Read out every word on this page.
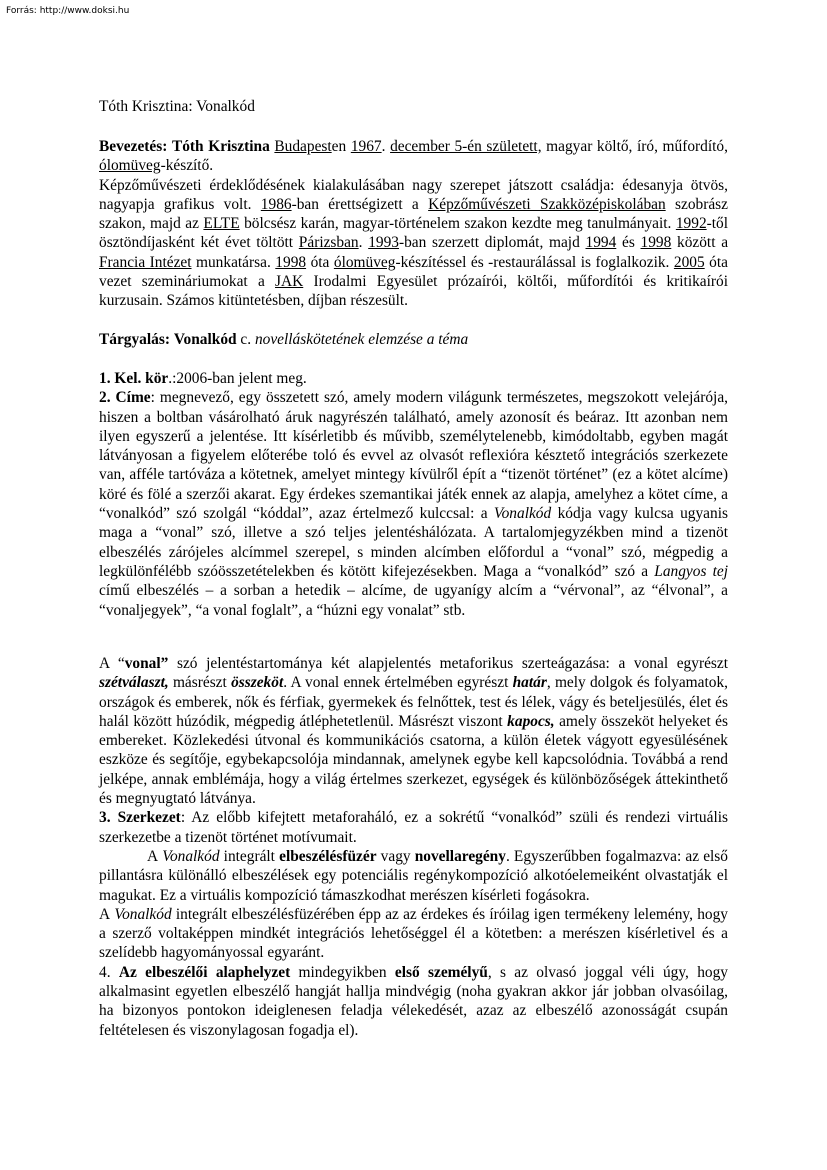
Forrás: http://www.doksi.hu

Tóth Krisztina: Vonalkód

Bevezetés: Tóth Krisztina Budapesten 1967. december 5-én született, magyar költő, író, műfordító, ólomüveg-készítő.

Képzőművészeti érdeklődésének kialakulásában nagy szerepet játszott családja: édesanyja ötvös, nagyapja grafikus volt. 1986-ban érettségizett a Képzőművészeti Szakközépiskolában szobrász szakon, majd az ELTE bölcsész karán, magyar-történelem szakon kezdte meg tanulmányait. 1992-től ösztöndíjasként két évet töltött Párizsban. 1993-ban szerzett diplomát, majd 1994 és 1998 között a Francia Intézet munkatársa. 1998 óta ólomüveg-készítéssel és -restaurálással is foglalkozik. 2005 óta vezet szemináriumokat a JAK Irodalmi Egyesület prózaírói, költői, műfordítói és kritikaírói kurzusain. Számos kitüntetésben, díjban részesült.

Tárgyalás: Vonalkód c. novelláskötetének elemzése a téma

1. Kel. kör.:2006-ban jelent meg.

2. Címe: megnevező, egy összetett szó, amely modern világunk természetes, megszokott velejárója, hiszen a boltban vásárolható áruk nagyrészén található, amely azonosít és beáraz. Itt azonban nem ilyen egyszerű a jelentése. Itt kísérletibb és művibb, személytelenebb, kimódoltabb, egyben magát látványosan a figyelem előterébe toló és evvel az olvasót reflexióra késztető integrációs szerkezete van, afféle tartóváza a kötetnek, amelyet mintegy kívülről épít a “tizenöt történet” (ez a kötet alcíme) köré és fölé a szerzői akarat. Egy érdekes szemantikai játék ennek az alapja, amelyhez a kötet címe, a “vonalkód” szó szolgál “kóddal”, azaz értelmező kulccsal: a Vonalkód kódja vagy kulcsa ugyanis maga a “vonal” szó, illetve a szó teljes jelentéshálózata. A tartalomjegyzékben mind a tizenöt elbeszélés zárójeles alcímmel szerepel, s minden alcímben előfordul a “vonal” szó, mégpedig a legkülönfélébb szóösszetételekben és kötött kifejezésekben. Maga a “vonalkód” szó a Langyos tej című elbeszélés – a sorban a hetedik – alcíme, de ugyanígy alcím a “vérvonal”, az “élvonal”, a “vonaljegyek”, “a vonal foglalt”, a “húzni egy vonalat” stb.

A “vonal” szó jelentéstartománya két alapjelentés metaforikus szerteágazása: a vonal egyrészt szétválaszt, másrészt összeköt. A vonal ennek értelmében egyrészt határ, mely dolgok és folyamatok, országok és emberek, nők és férfiak, gyermekek és felnőttek, test és lélek, vágy és beteljesülés, élet és halál között húzódik, mégpedig átléphetetlenül. Másrészt viszont kapocs, amely összeköt helyeket és embereket. Közlekedési útvonal és kommunikációs csatorna, a külön életek vágyott egyesülésének eszköze és segítője, egybekapcsolója mindannak, amelynek egybe kell kapcsolódnia. Továbbá a rend jelképe, annak emblémája, hogy a világ értelmes szerkezet, egységek és különbözőségek áttekinthető és megnyugtató látványa.

3. Szerkezet: Az előbb kifejtett metaforaháló, ez a sokrétű “vonalkód” szüli és rendezi virtuális szerkezetbe a tizenöt történet motívumait.

A Vonalkód integrált elbeszélésfüzér vagy novellaregény. Egyszerűbben fogalmazva: az első pillantásra különálló elbeszélések egy potenciális regénykompozíció alkotóelemeiként olvastatják el magukat. Ez a virtuális kompozíció támaszkodhat merészen kísérleti fogásokra.

A Vonalkód integrált elbeszélésfüzérében épp az az érdekes és íróilag igen termékeny lelemény, hogy a szerző voltaképpen mindkét integrációs lehetőséggel él a kötetben: a merészen kísérletivel és a szelídebb hagyományossal egyaránt.

4. Az elbeszélői alaphelyzet mindegyikben első személyű, s az olvasó joggal véli úgy, hogy alkalmasint egyetlen elbeszélő hangját hallja mindvégig (noha gyakran akkor jár jobban olvasóilag, ha bizonyos pontokon ideiglenesen feladja vélekedését, azaz az elbeszélő azonosságát csupán feltételesen és viszonylagosan fogadja el).
